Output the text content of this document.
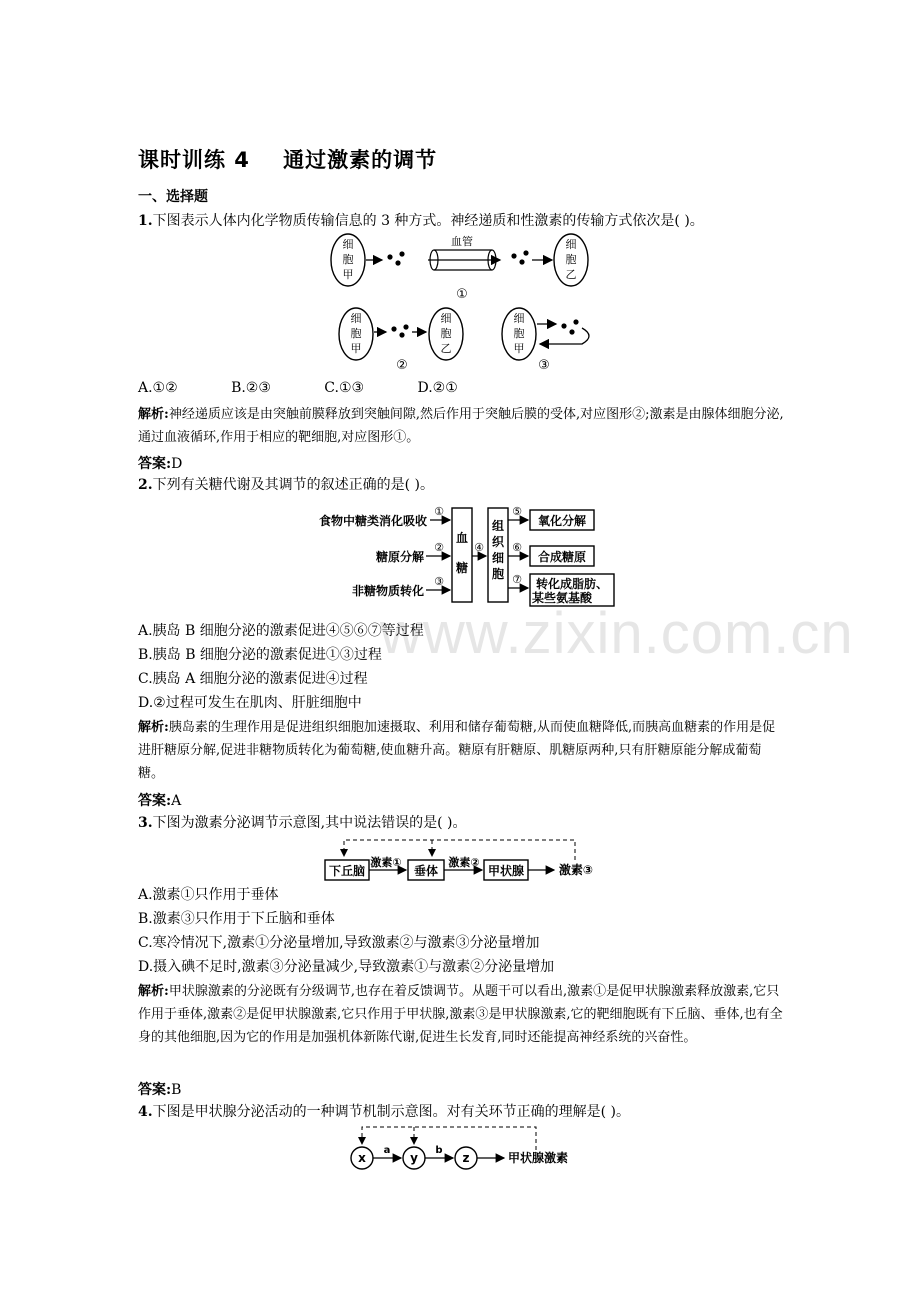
www.zixin.com.cn
课时训练 4    通过激素的调节
一、选择题
1.下图表示人体内化学物质传输信息的 3 种方式。神经递质和性激素的传输方式依次是( )。
细
胞
甲
血管	细
胞
乙
①
细
胞
甲
细
胞
乙
②
细
胞
甲
③
A.①②            B.②③            C.①③            D.②①
解析:神经递质应该是由突触前膜释放到突触间隙,然后作用于突触后膜的受体,对应图形②;激素是由腺体细胞分泌,通过血液循环,作用于相应的靶细胞,对应图形①。
答案:D
2.下列有关糖代谢及其调节的叙述正确的是( )。
食物中糖类消化吸收
糖原分解
非糖物质转化
①
②
③
血
糖
④
组
织
细
胞
⑤
⑥
⑦
氧化分解
合成糖原
转化成脂肪、
某些氨基酸
A.胰岛 B 细胞分泌的激素促进④⑤⑥⑦等过程
B.胰岛 B 细胞分泌的激素促进①③过程
C.胰岛 A 细胞分泌的激素促进④过程
D.②过程可发生在肌肉、肝脏细胞中
解析:胰岛素的生理作用是促进组织细胞加速摄取、利用和储存葡萄糖,从而使血糖降低,而胰高血糖素的作用是促进肝糖原分解,促进非糖物质转化为葡萄糖,使血糖升高。糖原有肝糖原、肌糖原两种,只有肝糖原能分解成葡萄糖。
答案:A
3.下图为激素分泌调节示意图,其中说法错误的是( )。
下丘脑
激素①
垂体
激素②
甲状腺	激素③
A.激素①只作用于垂体
B.激素③只作用于下丘脑和垂体
C.寒冷情况下,激素①分泌量增加,导致激素②与激素③分泌量增加
D.摄入碘不足时,激素③分泌量减少,导致激素①与激素②分泌量增加
解析:甲状腺激素的分泌既有分级调节,也存在着反馈调节。从题干可以看出,激素①是促甲状腺激素释放激素,它只作用于垂体,激素②是促甲状腺激素,它只作用于甲状腺,激素③是甲状腺激素,它的靶细胞既有下丘脑、垂体,也有全身的其他细胞,因为它的作用是加强机体新陈代谢,促进生长发育,同时还能提高神经系统的兴奋性。
答案:B
4.下图是甲状腺分泌活动的一种调节机制示意图。对有关环节正确的理解是( )。
x
a
y
b
z	甲状腺激素
